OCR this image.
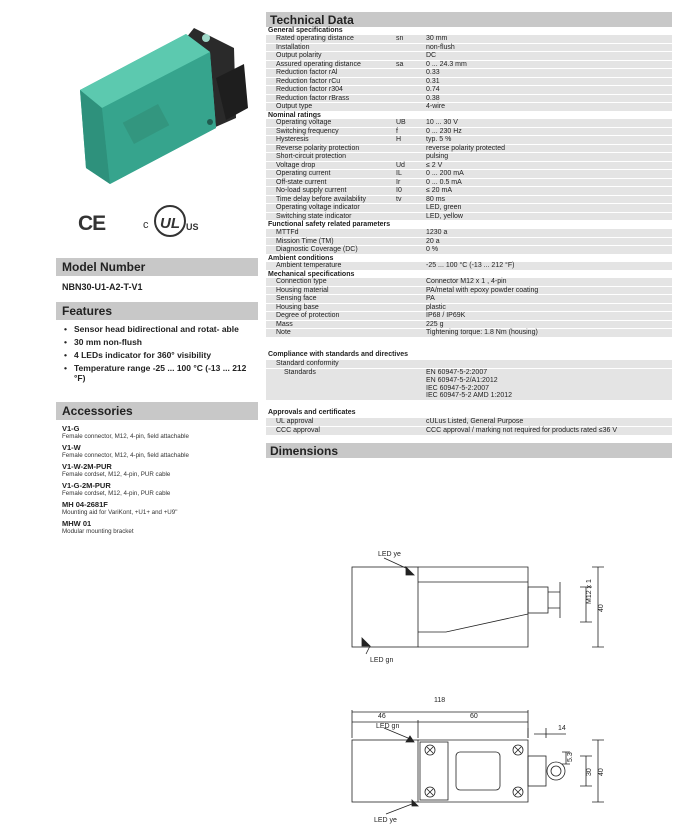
CE	c UL US
Model Number
NBN30-U1-A2-T-V1
Features
• Sensor head bidirectional and rotat- able
• 30 mm non-flush
• 4 LEDs indicator for 360° visibility
• Temperature range -25 ... 100 °C (-13 ... 212 °F)
Accessories
V1-G
Female connector, M12, 4-pin, field attachable
V1-W
Female connector, M12, 4-pin, field attachable
V1-W-2M-PUR
Female cordset, M12, 4-pin, PUR cable
V1-G-2M-PUR
Female cordset, M12, 4-pin, PUR cable
MH 04-2681F
Mounting aid for VariKont, +U1+ and +U9"
MHW 01
Modular mounting bracket
Technical Data
General specifications		
Rated operating distance	sn	30 mm
Installation		non-flush
Output polarity		DC
Assured operating distance	sa	0 ... 24.3 mm
Reduction factor rAl		0.33
Reduction factor rCu		0.31
Reduction factor r304		0.74
Reduction factor rBrass		0.38
Output type		4-wire
Nominal ratings		
Operating voltage	UB	10 ... 30 V
Switching frequency	f	0 ... 230 Hz
Hysteresis	H	typ. 5 %
Reverse polarity protection		reverse polarity protected
Short-circuit protection		pulsing
Voltage drop	Ud	≤ 2 V
Operating current	IL	0 ... 200 mA
Off-state current	Ir	0 ... 0.5 mA
No-load supply current	I0	≤ 20 mA
Time delay before availability	tv	80 ms
Operating voltage indicator		LED, green
Switching state indicator		LED, yellow
Functional safety related parameters		
MTTFd		1230 a
Mission Time (TM)		20 a
Diagnostic Coverage (DC)		0 %
Ambient conditions		
Ambient temperature		-25 ... 100 °C (-13 ... 212 °F)
Mechanical specifications		
Connection type		Connector M12 x 1 , 4-pin
Housing material		PA/metal with epoxy powder coating
Sensing face		PA
Housing base		plastic
Degree of protection		IP68 / IP69K
Mass		225 g
Note		Tightening torque: 1.8 Nm (housing)
Compliance with standards and directives	
Standard conformity	
Standards	EN 60947-5-2:2007
EN 60947-5-2/A1:2012
IEC 60947-5-2:2007
IEC 60947-5-2 AMD 1:2012

Approvals and certificates	
UL approval	cULus Listed, General Purpose
CCC approval	CCC approval / marking not required for products rated ≤36 V
Dimensions
LED ye
LED gn
M12 x 1
40
118
46	60
LED gn	14
5.3
30 40
LED ye
